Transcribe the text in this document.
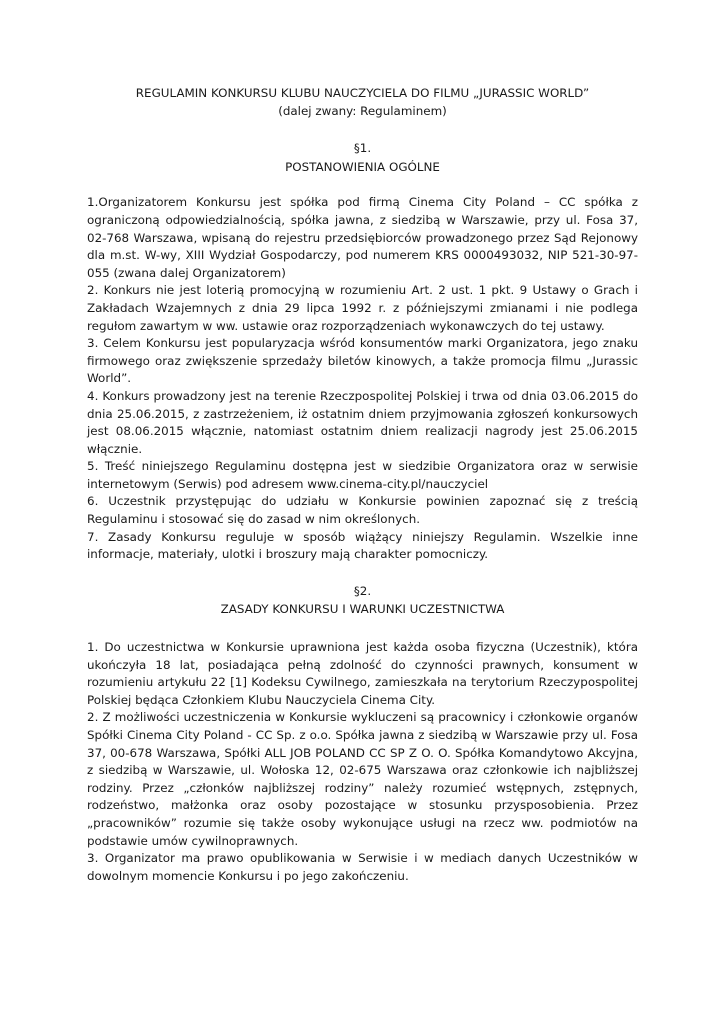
REGULAMIN KONKURSU KLUBU NAUCZYCIELA DO FILMU „JURASSIC WORLD”
(dalej zwany: Regulaminem)
§1.
POSTANOWIENIA OGÓLNE

1.Organizatorem Konkursu jest spółka pod firmą Cinema City Poland – CC spółka z ograniczoną odpowiedzialnością, spółka jawna, z siedzibą w Warszawie, przy ul. Fosa 37, 02-768 Warszawa, wpisaną do rejestru przedsiębiorców prowadzonego przez Sąd Rejonowy dla m.st. W-wy, XIII Wydział Gospodarczy, pod numerem KRS 0000493032, NIP 521-30-97-055 (zwana dalej Organizatorem)

2. Konkurs nie jest loterią promocyjną w rozumieniu Art. 2 ust. 1 pkt. 9 Ustawy o Grach i Zakładach Wzajemnych z dnia 29 lipca 1992 r. z późniejszymi zmianami i nie podlega regułom zawartym w ww. ustawie oraz rozporządzeniach wykonawczych do tej ustawy.

3. Celem Konkursu jest popularyzacja wśród konsumentów marki Organizatora, jego znaku firmowego oraz zwiększenie sprzedaży biletów kinowych, a także promocja filmu „Jurassic World”.

4. Konkurs prowadzony jest na terenie Rzeczpospolitej Polskiej i trwa od dnia 03.06.2015 do dnia 25.06.2015, z zastrzeżeniem, iż ostatnim dniem przyjmowania zgłoszeń konkursowych jest 08.06.2015 włącznie, natomiast ostatnim dniem realizacji nagrody jest 25.06.2015 włącznie.

5. Treść niniejszego Regulaminu dostępna jest w siedzibie Organizatora oraz w serwisie internetowym (Serwis) pod adresem www.cinema-city.pl/nauczyciel

6. Uczestnik przystępując do udziału w Konkursie powinien zapoznać się z treścią Regulaminu i stosować się do zasad w nim określonych.

7. Zasady Konkursu reguluje w sposób wiążący niniejszy Regulamin. Wszelkie inne informacje, materiały, ulotki i broszury mają charakter pomocniczy.

§2.
ZASADY KONKURSU I WARUNKI UCZESTNICTWA

1. Do uczestnictwa w Konkursie uprawniona jest każda osoba fizyczna (Uczestnik), która ukończyła 18 lat, posiadająca pełną zdolność do czynności prawnych, konsument w rozumieniu artykułu 22 [1] Kodeksu Cywilnego, zamieszkała na terytorium Rzeczypospolitej Polskiej będąca Członkiem Klubu Nauczyciela Cinema City.

2. Z możliwości uczestniczenia w Konkursie wykluczeni są pracownicy i członkowie organów Spółki Cinema City Poland - CC Sp. z o.o. Spółka jawna z siedzibą w Warszawie przy ul. Fosa 37, 00-678 Warszawa, Spółki ALL JOB POLAND CC SP Z O. O. Spółka Komandytowo Akcyjna, z siedzibą w Warszawie, ul. Wołoska 12, 02-675 Warszawa oraz członkowie ich najbliższej rodziny. Przez „członków najbliższej rodziny” należy rozumieć wstępnych, zstępnych, rodzeństwo, małżonka oraz osoby pozostające w stosunku przysposobienia. Przez „pracowników” rozumie się także osoby wykonujące usługi na rzecz ww. podmiotów na podstawie umów cywilnoprawnych.

3. Organizator ma prawo opublikowania w Serwisie i w mediach danych Uczestników w dowolnym momencie Konkursu i po jego zakończeniu.
